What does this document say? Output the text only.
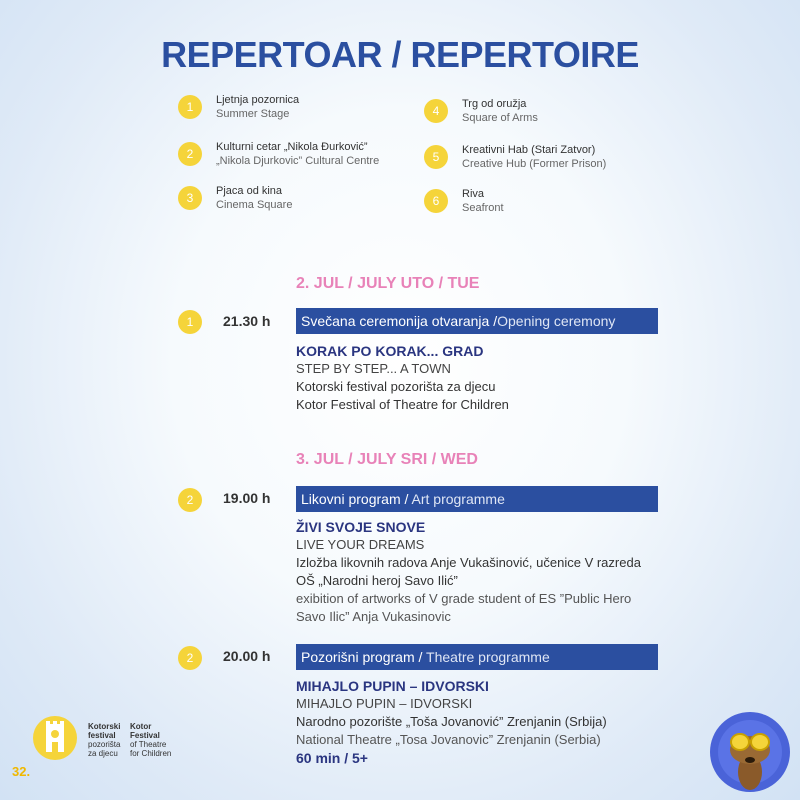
REPERTOAR / REPERTOIRE
1	Ljetnja pozornica
Summer Stage
2	Kulturni cetar „Nikola Đurković”
„Nikola Djurkovic” Cultural Centre
3	Pjaca od kina
Cinema Square
4	Trg od oružja
Square of Arms
5	Kreativni Hab (Stari Zatvor)
Creative Hub (Former Prison)
6	Riva
Seafront
2. JUL / JULY UTO / TUE
1	21.30 h	Svečana ceremonija otvaranja /Opening ceremony
KORAK PO KORAK... GRAD
STEP BY STEP... A TOWN
Kotorski festival pozorišta za djecu
Kotor Festival of Theatre for Children
3. JUL / JULY SRI / WED
2	19.00 h	Likovni program / Art programme
ŽIVI SVOJE SNOVE
LIVE YOUR DREAMS
Izložba likovnih radova Anje Vukašinović, učenice V razreda OŠ „Narodni heroj Savo Ilić”
exibition of artworks of V grade student of ES ”Public Hero Savo Ilic” Anja Vukasinovic
2	20.00 h	Pozorišni program / Theatre programme
MIHAJLO PUPIN – IDVORSKI
MIHAJLO PUPIN – IDVORSKI
Narodno pozorište „Toša Jovanović” Zrenjanin (Srbija)
National Theatre „Tosa Jovanovic” Zrenjanin (Serbia)
60 min / 5+
Kotorski
festival
pozorišta
za djecu
Kotor
Festival
of Theatre
for Children
32.
